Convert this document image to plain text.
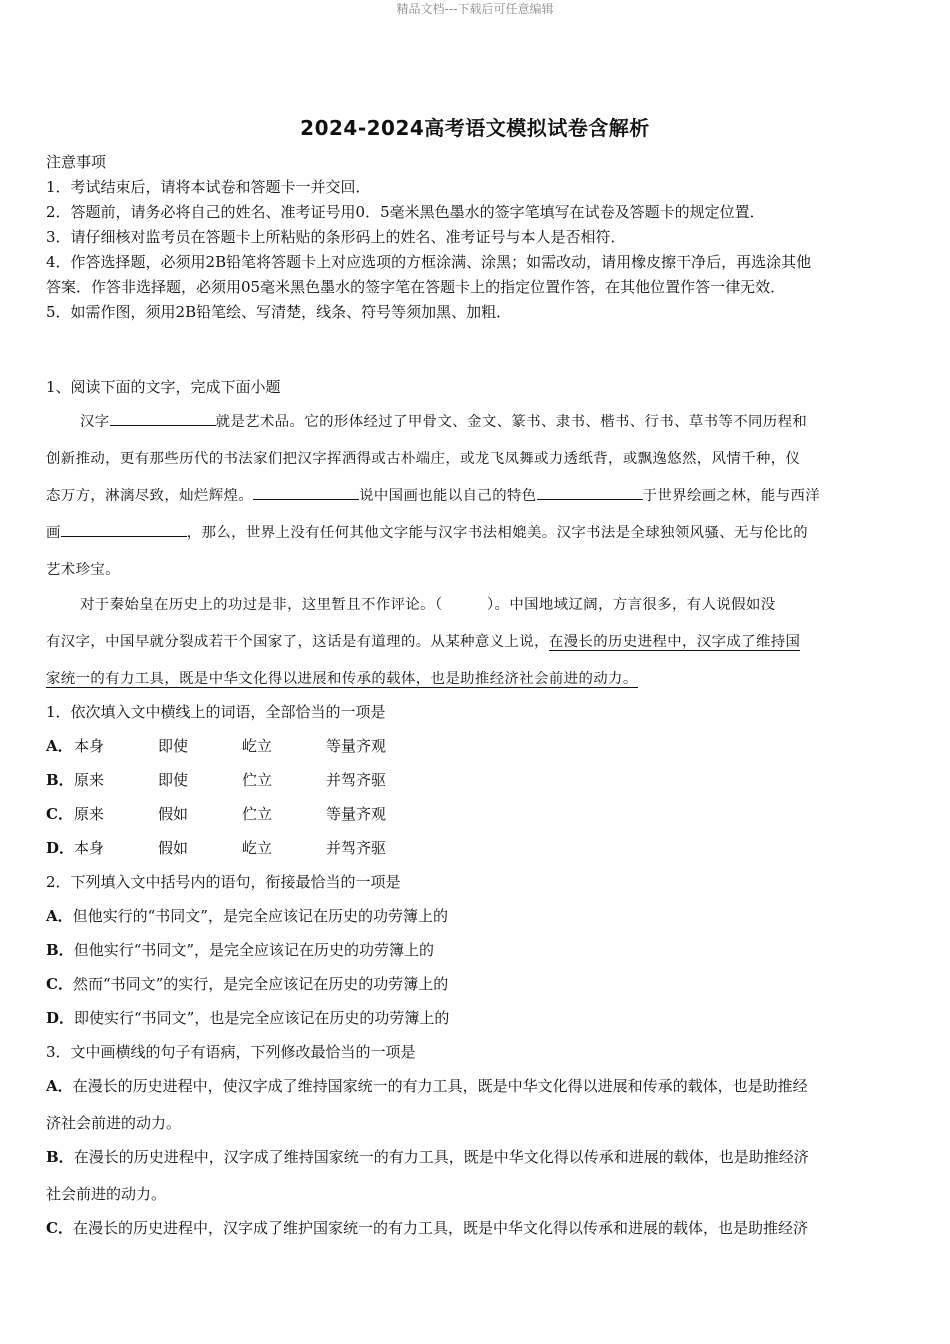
精品文档---下载后可任意编辑
2024-2024高考语文模拟试卷含解析
注意事项
1．考试结束后，请将本试卷和答题卡一并交回．
2．答题前，请务必将自己的姓名、准考证号用0．5毫米黑色墨水的签字笔填写在试卷及答题卡的规定位置．
3．请仔细核对监考员在答题卡上所粘贴的条形码上的姓名、准考证号与本人是否相符．
4．作答选择题，必须用2B铅笔将答题卡上对应选项的方框涂满、涂黑；如需改动，请用橡皮擦干净后，再选涂其他
答案．作答非选择题，必须用05毫米黑色墨水的签字笔在答题卡上的指定位置作答，在其他位置作答一律无效．
5．如需作图，须用2B铅笔绘、写清楚，线条、符号等须加黑、加粗．
1、阅读下面的文字，完成下面小题
汉字	就是艺术品。它的形体经过了甲骨文、金文、篆书、隶书、楷书、行书、草书等不同历程和
创新推动，更有那些历代的书法家们把汉字挥洒得或古朴端庄，或龙飞凤舞或力透纸背，或飘逸悠然，风情千种，仪
态万方，淋漓尽致，灿烂辉煌。	说中国画也能以自己的特色	于世界绘画之林，能与西洋
画	，那么，世界上没有任何其他文字能与汉字书法相媲美。汉字书法是全球独领风骚、无与伦比的
艺术珍宝。
对于秦始皇在历史上的功过是非，这里暂且不作评论。（　　　）。中国地域辽阔，方言很多，有人说假如没
有汉字，中国早就分裂成若干个国家了，这话是有道理的。从某种意义上说，在漫长的历史进程中，汉字成了维持国
家统一的有力工具，既是中华文化得以进展和传承的载体，也是助推经济社会前进的动力。
1．依次填入文中横线上的词语，全部恰当的一项是
A． 本身	即使	屹立	等量齐观
B． 原来	即使	伫立	并驾齐驱
C． 原来	假如	伫立	等量齐观
D． 本身	假如	屹立	并驾齐驱
2．下列填入文中括号内的语句，衔接最恰当的一项是
A．但他实行的“书同文”，是完全应该记在历史的功劳簿上的
B．但他实行“书同文”，是完全应该记在历史的功劳簿上的
C．然而“书同文”的实行，是完全应该记在历史的功劳簿上的
D．即使实行“书同文”，也是完全应该记在历史的功劳簿上的
3．文中画横线的句子有语病，下列修改最恰当的一项是
A．在漫长的历史进程中，使汉字成了维持国家统一的有力工具，既是中华文化得以进展和传承的载体，也是助推经
济社会前进的动力。
B．在漫长的历史进程中，汉字成了维持国家统一的有力工具，既是中华文化得以传承和进展的载体，也是助推经济
社会前进的动力。
C．在漫长的历史进程中，汉字成了维护国家统一的有力工具，既是中华文化得以传承和进展的载体，也是助推经济
